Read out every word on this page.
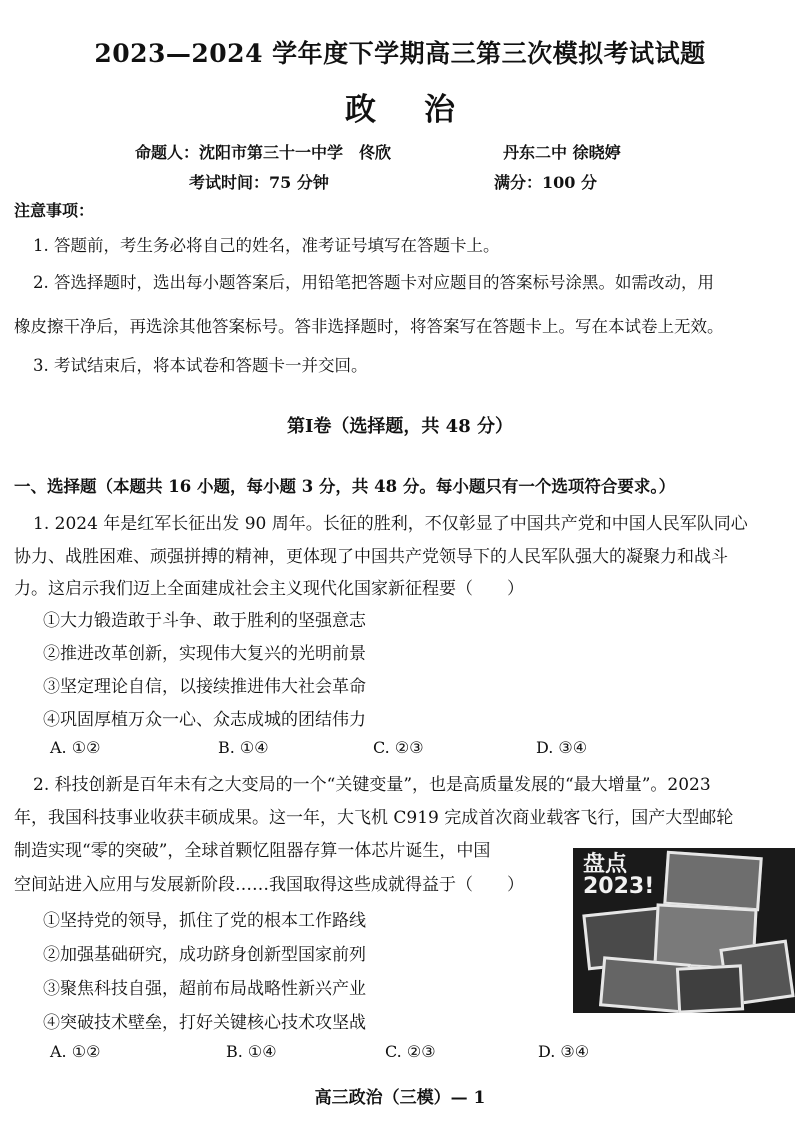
2023—2024 学年度下学期高三第三次模拟考试试题
政治
命题人：沈阳市第三十一中学　佟欣	丹东二中 徐晓婷
考试时间：75 分钟	满分：100 分
注意事项：
1. 答题前，考生务必将自己的姓名，准考证号填写在答题卡上。
2. 答选择题时，选出每小题答案后，用铅笔把答题卡对应题目的答案标号涂黑。如需改动，用
橡皮擦干净后，再选涂其他答案标号。答非选择题时，将答案写在答题卡上。写在本试卷上无效。
3. 考试结束后，将本试卷和答题卡一并交回。
第Ⅰ卷（选择题，共 48 分）
一、选择题（本题共 16 小题，每小题 3 分，共 48 分。每小题只有一个选项符合要求。）
1. 2024 年是红军长征出发 90 周年。长征的胜利，不仅彰显了中国共产党和中国人民军队同心
协力、战胜困难、顽强拼搏的精神，更体现了中国共产党领导下的人民军队强大的凝聚力和战斗
力。这启示我们迈上全面建成社会主义现代化国家新征程要（　　）
①大力锻造敢于斗争、敢于胜利的坚强意志
②推进改革创新，实现伟大复兴的光明前景
③坚定理论自信，以接续推进伟大社会革命
④巩固厚植万众一心、众志成城的团结伟力
A. ①②	B. ①④	C. ②③	D. ③④
2. 科技创新是百年未有之大变局的一个“关键变量”，也是高质量发展的“最大增量”。2023
年，我国科技事业收获丰硕成果。这一年，大飞机 C919 完成首次商业载客飞行，国产大型邮轮
制造实现“零的突破”，全球首颗忆阻器存算一体芯片诞生，中国
空间站进入应用与发展新阶段……我国取得这些成就得益于（　　）
①坚持党的领导，抓住了党的根本工作路线
②加强基础研究，成功跻身创新型国家前列
③聚焦科技自强，超前布局战略性新兴产业
④突破技术壁垒，打好关键核心技术攻坚战
A. ①②	B. ①④	C. ②③	D. ③④
盘点
2023!
高三政治（三模）— 1
